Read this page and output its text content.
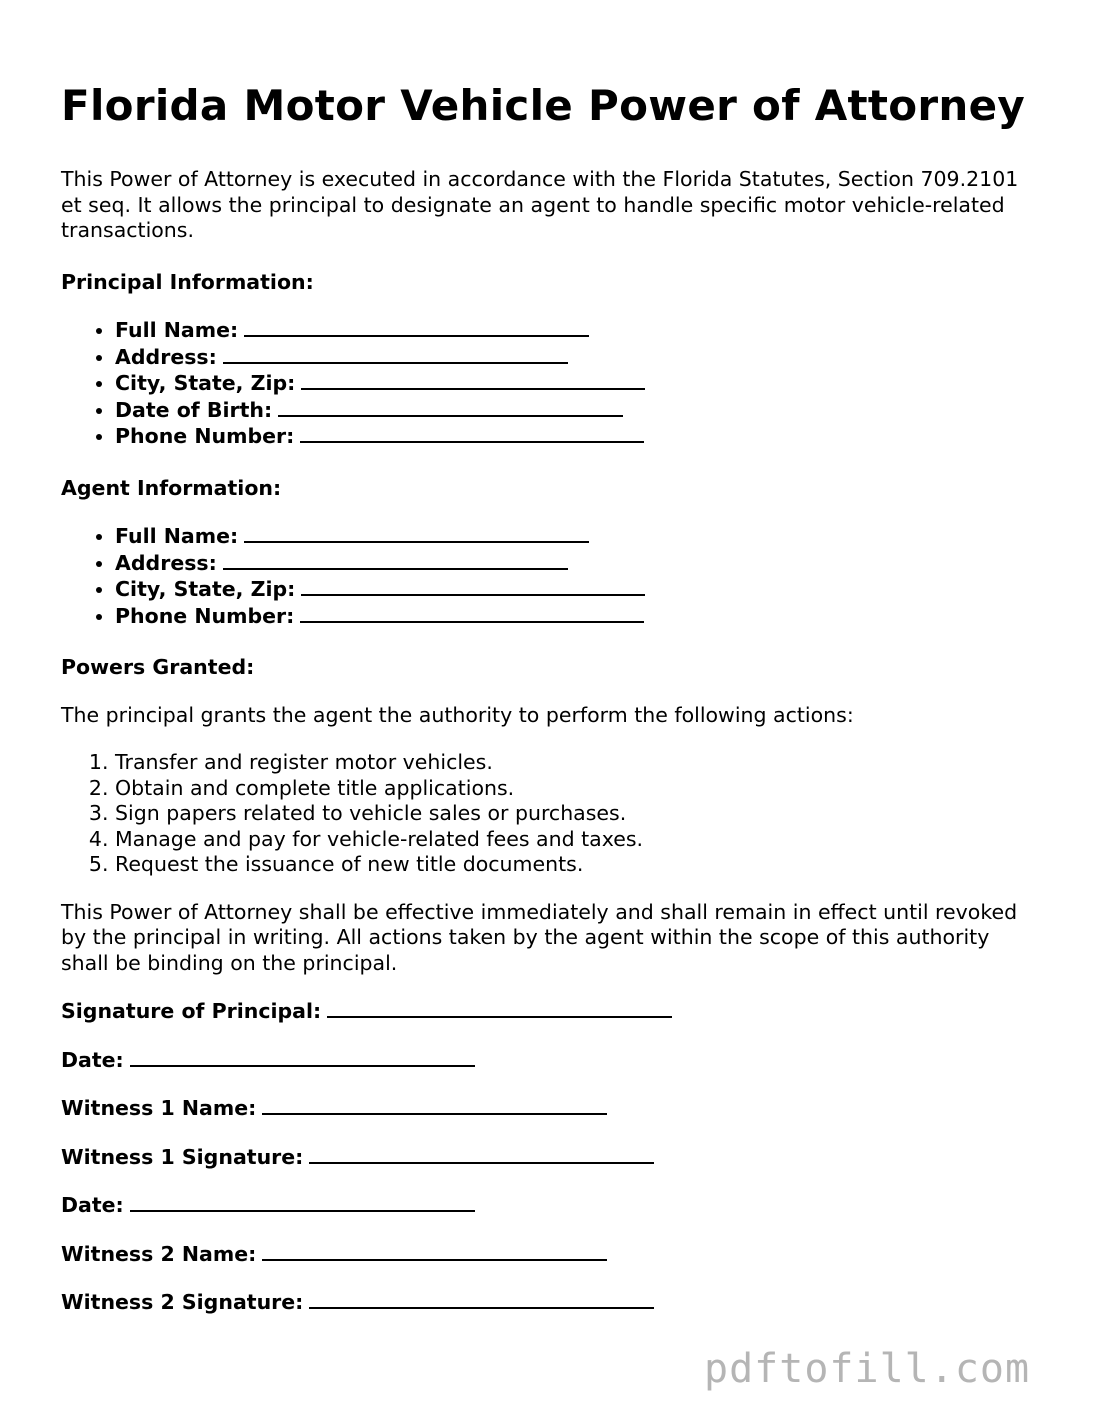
Florida Motor Vehicle Power of Attorney

This Power of Attorney is executed in accordance with the Florida Statutes, Section 709.2101 et seq. It allows the principal to designate an agent to handle specific motor vehicle-related transactions.

Principal Information:
• Full Name:
• Address:
• City, State, Zip:
• Date of Birth:
• Phone Number:
Agent Information:
• Full Name:
• Address:
• City, State, Zip:
• Phone Number:
Powers Granted:

The principal grants the agent the authority to perform the following actions:

1. Transfer and register motor vehicles.
2. Obtain and complete title applications.
3. Sign papers related to vehicle sales or purchases.
4. Manage and pay for vehicle-related fees and taxes.
5. Request the issuance of new title documents.

This Power of Attorney shall be effective immediately and shall remain in effect until revoked by the principal in writing. All actions taken by the agent within the scope of this authority shall be binding on the principal.

Signature of Principal:
Date:
Witness 1 Name:
Witness 1 Signature:
Date:
Witness 2 Name:
Witness 2 Signature:
pdftofill.com
